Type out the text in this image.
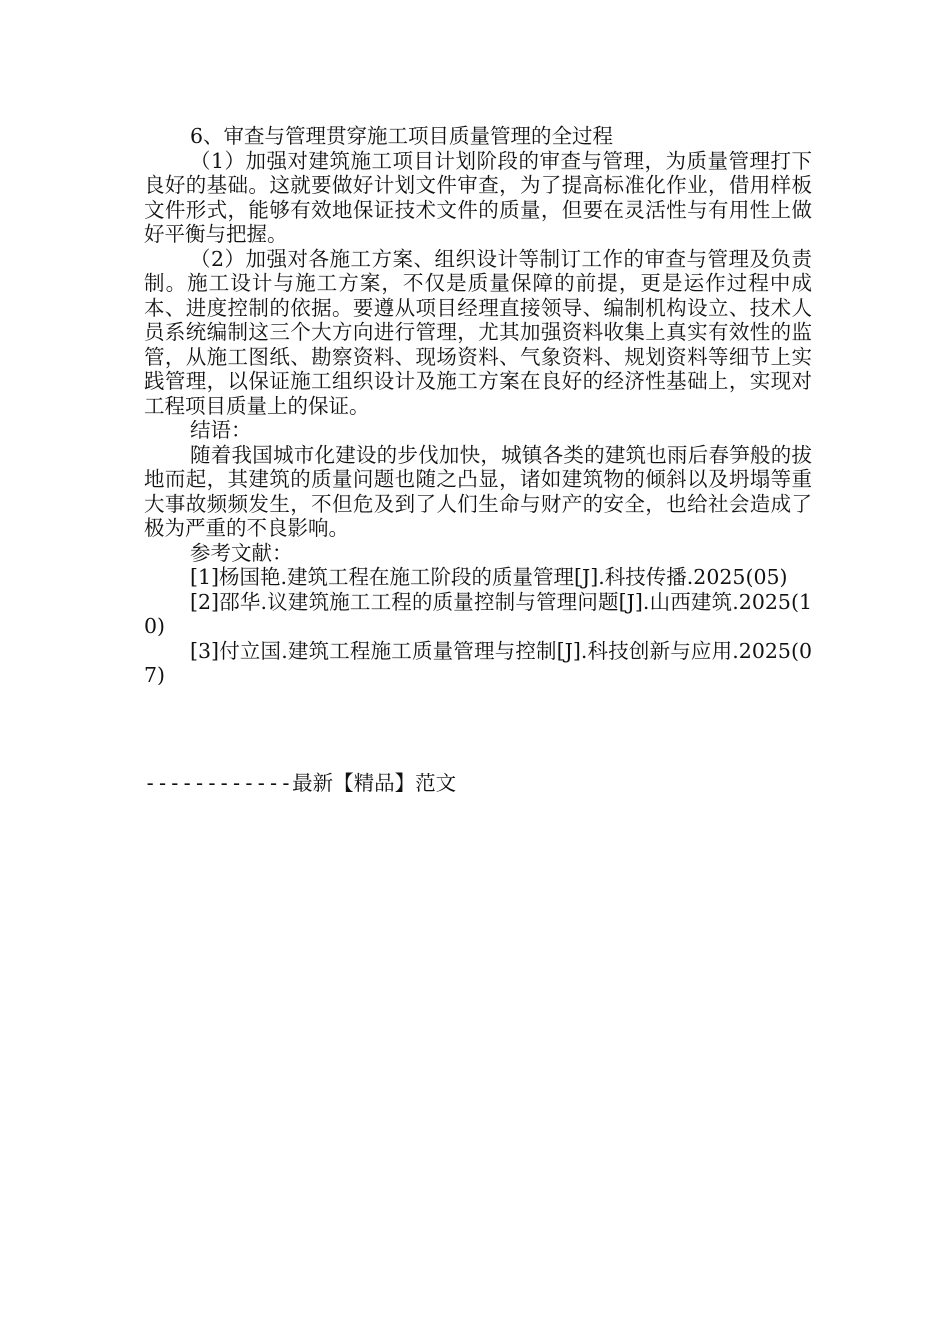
6、审查与管理贯穿施工项目质量管理的全过程

（1）加强对建筑施工项目计划阶段的审查与管理，为质量管理打下良好的基础。这就要做好计划文件审查，为了提高标准化作业，借用样板文件形式，能够有效地保证技术文件的质量，但要在灵活性与有用性上做好平衡与把握。

（2）加强对各施工方案、组织设计等制订工作的审查与管理及负责制。施工设计与施工方案，不仅是质量保障的前提，更是运作过程中成本、进度控制的依据。要遵从项目经理直接领导、编制机构设立、技术人员系统编制这三个大方向进行管理，尤其加强资料收集上真实有效性的监管，从施工图纸、勘察资料、现场资料、气象资料、规划资料等细节上实践管理，以保证施工组织设计及施工方案在良好的经济性基础上，实现对工程项目质量上的保证。

结语：

随着我国城市化建设的步伐加快，城镇各类的建筑也雨后春笋般的拔地而起，其建筑的质量问题也随之凸显，诸如建筑物的倾斜以及坍塌等重大事故频频发生，不但危及到了人们生命与财产的安全，也给社会造成了极为严重的不良影响。

参考文献：

[1]杨国艳.建筑工程在施工阶段的质量管理[J].科技传播.2025(05)

[2]邵华.议建筑施工工程的质量控制与管理问题[J].山西建筑.2025(10)

[3]付立国.建筑工程施工质量管理与控制[J].科技创新与应用.2025(07)

------------最新【精品】范文
